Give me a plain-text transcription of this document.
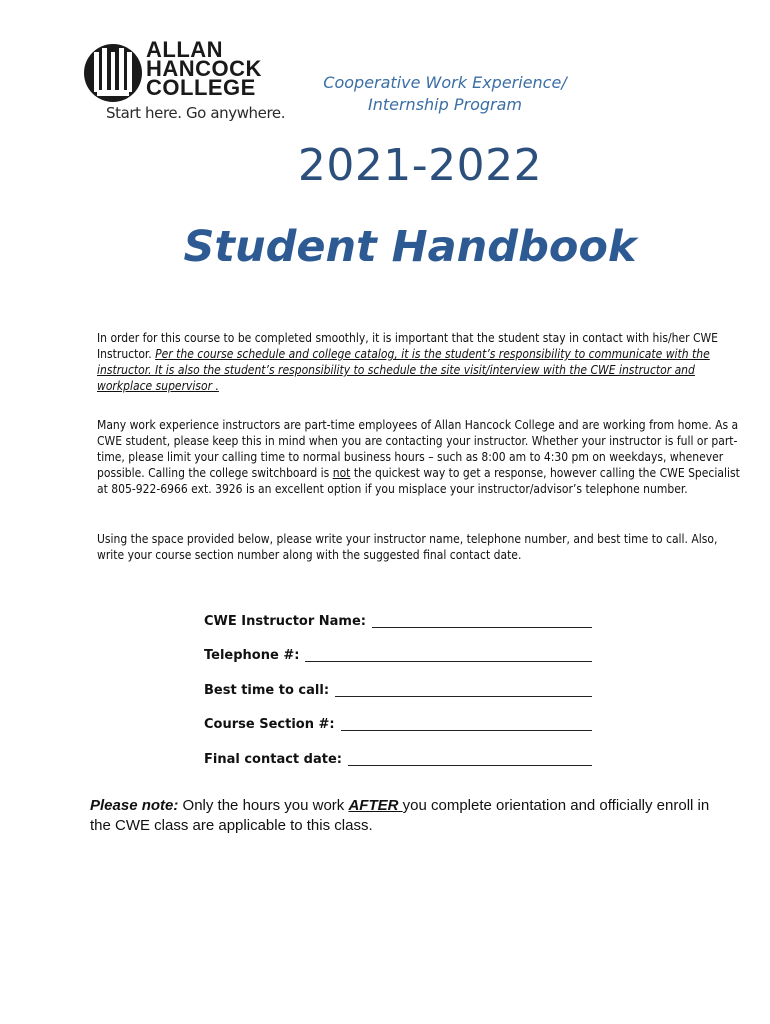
ALLAN
HANCOCK
COLLEGE
Start here. Go anywhere.
Cooperative Work Experience/
Internship Program
2021-2022
Student Handbook
In order for this course to be completed smoothly, it is important that the student stay in contact with his/her CWE Instructor. Per the course schedule and college catalog, it is the student’s responsibility to communicate with the instructor. It is also the student’s responsibility to schedule the site visit/interview with the CWE instructor and workplace supervisor .
Many work experience instructors are part-time employees of Allan Hancock College and are working from home. As a CWE student, please keep this in mind when you are contacting your instructor. Whether your instructor is full or part-time, please limit your calling time to normal business hours – such as 8:00 am to 4:30 pm on weekdays, whenever possible. Calling the college switchboard is not the quickest way to get a response, however calling the CWE Specialist at 805-922-6966 ext. 3926 is an excellent option if you misplace your instructor/advisor’s telephone number.
Using the space provided below, please write your instructor name, telephone number, and best time to call. Also, write your course section number along with the suggested final contact date.
CWE Instructor Name:
Telephone #:
Best time to call:
Course Section #:
Final contact date:
Please note: Only the hours you work AFTER you complete orientation and officially enroll in the CWE class are applicable to this class.
